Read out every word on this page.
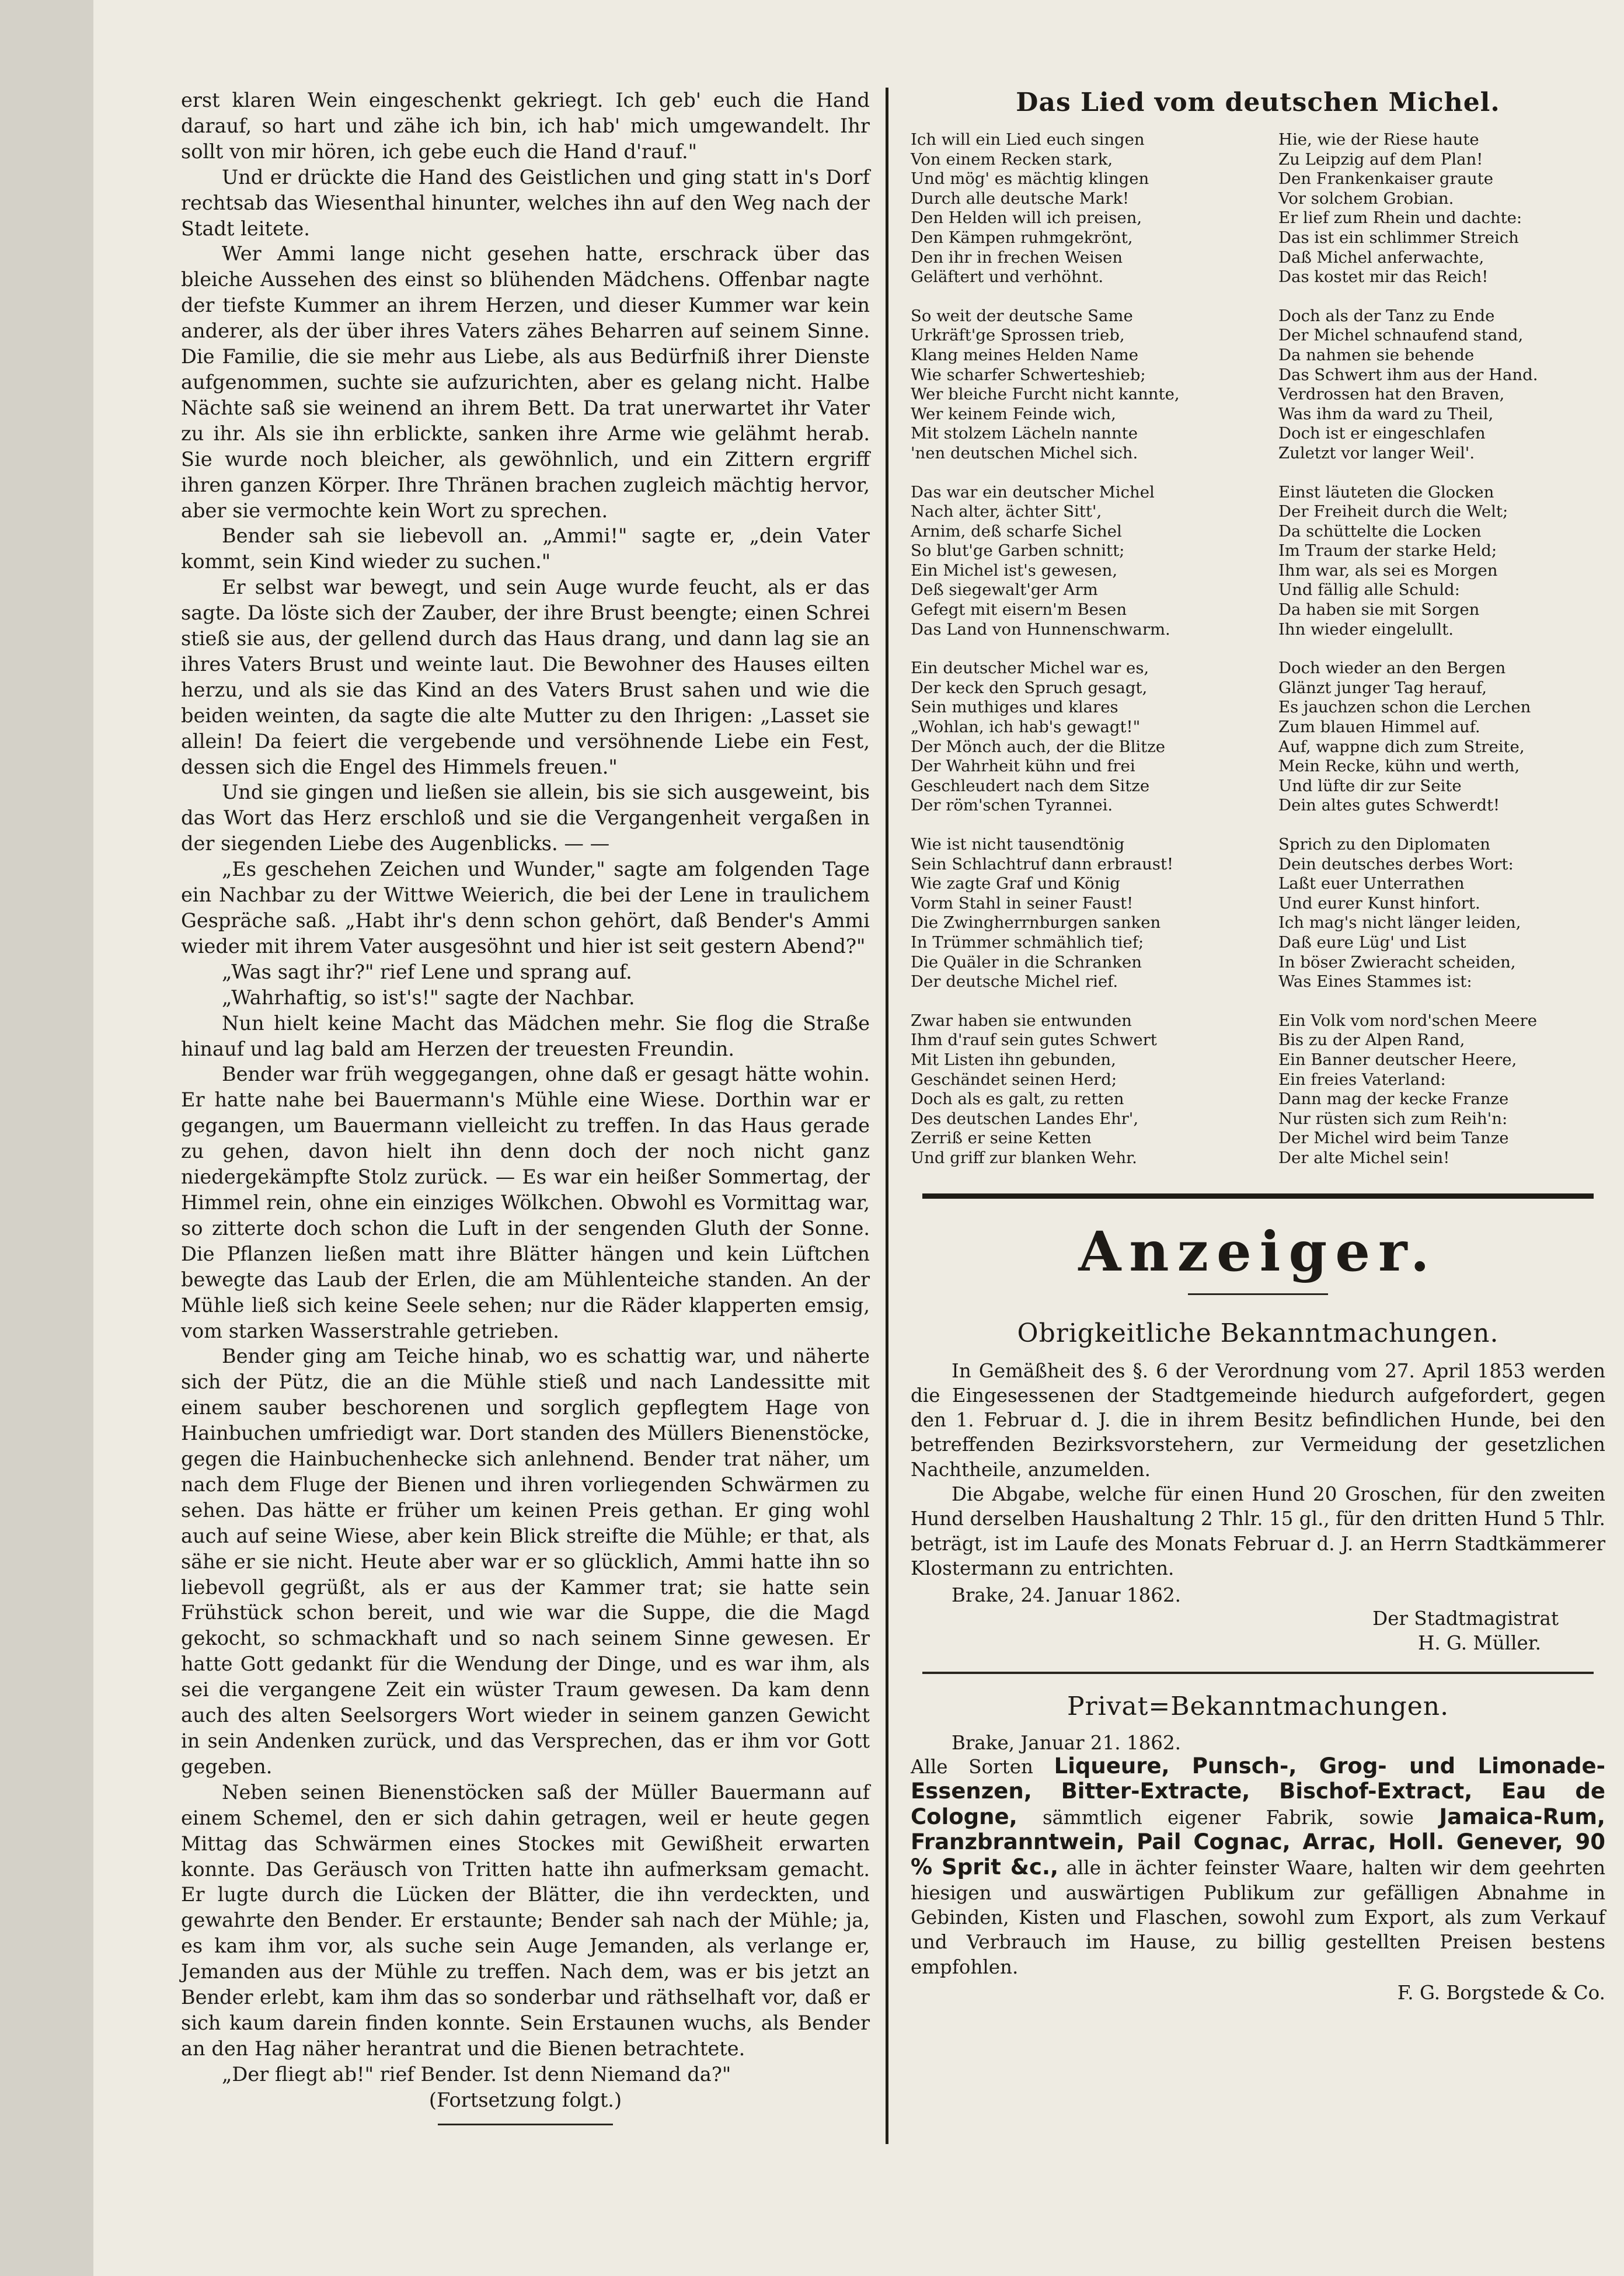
erst klaren Wein eingeschenkt gekriegt. Ich geb' euch die Hand darauf, so hart und zähe ich bin, ich hab' mich umgewandelt. Ihr sollt von mir hören, ich gebe euch die Hand d'rauf."

Und er drückte die Hand des Geistlichen und ging statt in's Dorf rechtsab das Wiesenthal hinunter, welches ihn auf den Weg nach der Stadt leitete.

Wer Ammi lange nicht gesehen hatte, erschrack über das bleiche Aussehen des einst so blühenden Mädchens. Offenbar nagte der tiefste Kummer an ihrem Herzen, und dieser Kummer war kein anderer, als der über ihres Vaters zähes Beharren auf seinem Sinne. Die Familie, die sie mehr aus Liebe, als aus Bedürfniß ihrer Dienste aufgenommen, suchte sie aufzurichten, aber es gelang nicht. Halbe Nächte saß sie weinend an ihrem Bett. Da trat unerwartet ihr Vater zu ihr. Als sie ihn erblickte, sanken ihre Arme wie gelähmt herab. Sie wurde noch bleicher, als gewöhnlich, und ein Zittern ergriff ihren ganzen Körper. Ihre Thränen brachen zugleich mächtig hervor, aber sie vermochte kein Wort zu sprechen.

Bender sah sie liebevoll an. „Ammi!" sagte er, „dein Vater kommt, sein Kind wieder zu suchen."

Er selbst war bewegt, und sein Auge wurde feucht, als er das sagte. Da löste sich der Zauber, der ihre Brust beengte; einen Schrei stieß sie aus, der gellend durch das Haus drang, und dann lag sie an ihres Vaters Brust und weinte laut. Die Bewohner des Hauses eilten herzu, und als sie das Kind an des Vaters Brust sahen und wie die beiden weinten, da sagte die alte Mutter zu den Ihrigen: „Lasset sie allein! Da feiert die vergebende und versöhnende Liebe ein Fest, dessen sich die Engel des Himmels freuen."

Und sie gingen und ließen sie allein, bis sie sich ausgeweint, bis das Wort das Herz erschloß und sie die Vergangenheit vergaßen in der siegenden Liebe des Augenblicks. — —

„Es geschehen Zeichen und Wunder," sagte am folgenden Tage ein Nachbar zu der Wittwe Weierich, die bei der Lene in traulichem Gespräche saß. „Habt ihr's denn schon gehört, daß Bender's Ammi wieder mit ihrem Vater ausgesöhnt und hier ist seit gestern Abend?"

„Was sagt ihr?" rief Lene und sprang auf.

„Wahrhaftig, so ist's!" sagte der Nachbar.

Nun hielt keine Macht das Mädchen mehr. Sie flog die Straße hinauf und lag bald am Herzen der treuesten Freundin.

Bender war früh weggegangen, ohne daß er gesagt hätte wohin. Er hatte nahe bei Bauermann's Mühle eine Wiese. Dorthin war er gegangen, um Bauermann vielleicht zu treffen. In das Haus gerade zu gehen, davon hielt ihn denn doch der noch nicht ganz niedergekämpfte Stolz zurück. — Es war ein heißer Sommertag, der Himmel rein, ohne ein einziges Wölkchen. Obwohl es Vormittag war, so zitterte doch schon die Luft in der sengenden Gluth der Sonne. Die Pflanzen ließen matt ihre Blätter hängen und kein Lüftchen bewegte das Laub der Erlen, die am Mühlenteiche standen. An der Mühle ließ sich keine Seele sehen; nur die Räder klapperten emsig, vom starken Wasserstrahle getrieben.

Bender ging am Teiche hinab, wo es schattig war, und näherte sich der Pütz, die an die Mühle stieß und nach Landessitte mit einem sauber beschorenen und sorglich gepflegtem Hage von Hainbuchen umfriedigt war. Dort standen des Müllers Bienenstöcke, gegen die Hainbuchenhecke sich anlehnend. Bender trat näher, um nach dem Fluge der Bienen und ihren vorliegenden Schwärmen zu sehen. Das hätte er früher um keinen Preis gethan. Er ging wohl auch auf seine Wiese, aber kein Blick streifte die Mühle; er that, als sähe er sie nicht. Heute aber war er so glücklich, Ammi hatte ihn so liebevoll gegrüßt, als er aus der Kammer trat; sie hatte sein Frühstück schon bereit, und wie war die Suppe, die die Magd gekocht, so schmackhaft und so nach seinem Sinne gewesen. Er hatte Gott gedankt für die Wendung der Dinge, und es war ihm, als sei die vergangene Zeit ein wüster Traum gewesen. Da kam denn auch des alten Seelsorgers Wort wieder in seinem ganzen Gewicht in sein Andenken zurück, und das Versprechen, das er ihm vor Gott gegeben.

Neben seinen Bienenstöcken saß der Müller Bauermann auf einem Schemel, den er sich dahin getragen, weil er heute gegen Mittag das Schwärmen eines Stockes mit Gewißheit erwarten konnte. Das Geräusch von Tritten hatte ihn aufmerksam gemacht. Er lugte durch die Lücken der Blätter, die ihn verdeckten, und gewahrte den Bender. Er erstaunte; Bender sah nach der Mühle; ja, es kam ihm vor, als suche sein Auge Jemanden, als verlange er, Jemanden aus der Mühle zu treffen. Nach dem, was er bis jetzt an Bender erlebt, kam ihm das so sonderbar und räthselhaft vor, daß er sich kaum darein finden konnte. Sein Erstaunen wuchs, als Bender an den Hag näher herantrat und die Bienen betrachtete.

„Der fliegt ab!" rief Bender. Ist denn Niemand da?"

(Fortsetzung folgt.)

Das Lied vom deutschen Michel.
Ich will ein Lied euch singen
Von einem Recken stark,
Und mög' es mächtig klingen
Durch alle deutsche Mark!
Den Helden will ich preisen,
Den Kämpen ruhmgekrönt,
Den ihr in frechen Weisen
Geläftert und verhöhnt.
So weit der deutsche Same
Urkräft'ge Sprossen trieb,
Klang meines Helden Name
Wie scharfer Schwerteshieb;
Wer bleiche Furcht nicht kannte,
Wer keinem Feinde wich,
Mit stolzem Lächeln nannte
'nen deutschen Michel sich.
Das war ein deutscher Michel
Nach alter, ächter Sitt',
Arnim, deß scharfe Sichel
So blut'ge Garben schnitt;
Ein Michel ist's gewesen,
Deß siegewalt'ger Arm
Gefegt mit eisern'm Besen
Das Land von Hunnenschwarm.
Ein deutscher Michel war es,
Der keck den Spruch gesagt,
Sein muthiges und klares
„Wohlan, ich hab's gewagt!"
Der Mönch auch, der die Blitze
Der Wahrheit kühn und frei
Geschleudert nach dem Sitze
Der röm'schen Tyrannei.
Wie ist nicht tausendtönig
Sein Schlachtruf dann erbraust!
Wie zagte Graf und König
Vorm Stahl in seiner Faust!
Die Zwingherrnburgen sanken
In Trümmer schmählich tief;
Die Quäler in die Schranken
Der deutsche Michel rief.
Zwar haben sie entwunden
Ihm d'rauf sein gutes Schwert
Mit Listen ihn gebunden,
Geschändet seinen Herd;
Doch als es galt, zu retten
Des deutschen Landes Ehr',
Zerriß er seine Ketten
Und griff zur blanken Wehr.
Hie, wie der Riese haute
Zu Leipzig auf dem Plan!
Den Frankenkaiser graute
Vor solchem Grobian.
Er lief zum Rhein und dachte:
Das ist ein schlimmer Streich
Daß Michel anferwachte,
Das kostet mir das Reich!
Doch als der Tanz zu Ende
Der Michel schnaufend stand,
Da nahmen sie behende
Das Schwert ihm aus der Hand.
Verdrossen hat den Braven,
Was ihm da ward zu Theil,
Doch ist er eingeschlafen
Zuletzt vor langer Weil'.
Einst läuteten die Glocken
Der Freiheit durch die Welt;
Da schüttelte die Locken
Im Traum der starke Held;
Ihm war, als sei es Morgen
Und fällig alle Schuld:
Da haben sie mit Sorgen
Ihn wieder eingelullt.
Doch wieder an den Bergen
Glänzt junger Tag herauf,
Es jauchzen schon die Lerchen
Zum blauen Himmel auf.
Auf, wappne dich zum Streite,
Mein Recke, kühn und werth,
Und lüfte dir zur Seite
Dein altes gutes Schwerdt!
Sprich zu den Diplomaten
Dein deutsches derbes Wort:
Laßt euer Unterrathen
Und eurer Kunst hinfort.
Ich mag's nicht länger leiden,
Daß eure Lüg' und List
In böser Zwieracht scheiden,
Was Eines Stammes ist:
Ein Volk vom nord'schen Meere
Bis zu der Alpen Rand,
Ein Banner deutscher Heere,
Ein freies Vaterland:
Dann mag der kecke Franze
Nur rüsten sich zum Reih'n:
Der Michel wird beim Tanze
Der alte Michel sein!
Anzeiger.
Obrigkeitliche Bekanntmachungen.

In Gemäßheit des §. 6 der Verordnung vom 27. April 1853 werden die Eingesessenen der Stadtgemeinde hiedurch aufgefordert, gegen den 1. Februar d. J. die in ihrem Besitz befindlichen Hunde, bei den betreffenden Bezirksvorstehern, zur Vermeidung der gesetzlichen Nachtheile, anzumelden.

Die Abgabe, welche für einen Hund 20 Groschen, für den zweiten Hund derselben Haushaltung 2 Thlr. 15 gl., für den dritten Hund 5 Thlr. beträgt, ist im Laufe des Monats Februar d. J. an Herrn Stadtkämmerer Klostermann zu entrichten.

Brake, 24. Januar 1862.

Der Stadtmagistrat
H. G. Müller.
Privat=Bekanntmachungen.

Brake, Januar 21. 1862.

Alle Sorten Liqueure, Punsch-, Grog- und Limonade-Essenzen, Bitter-Extracte, Bischof-Extract, Eau de Cologne, sämmtlich eigener Fabrik, sowie Jamaica-Rum, Franzbranntwein, Pail Cognac, Arrac, Holl. Genever, 90 % Sprit &c., alle in ächter feinster Waare, halten wir dem geehrten hiesigen und auswärtigen Publikum zur gefälligen Abnahme in Gebinden, Kisten und Flaschen, sowohl zum Export, als zum Verkauf und Verbrauch im Hause, zu billig gestellten Preisen bestens empfohlen.
F. G. Borgstede & Co.
